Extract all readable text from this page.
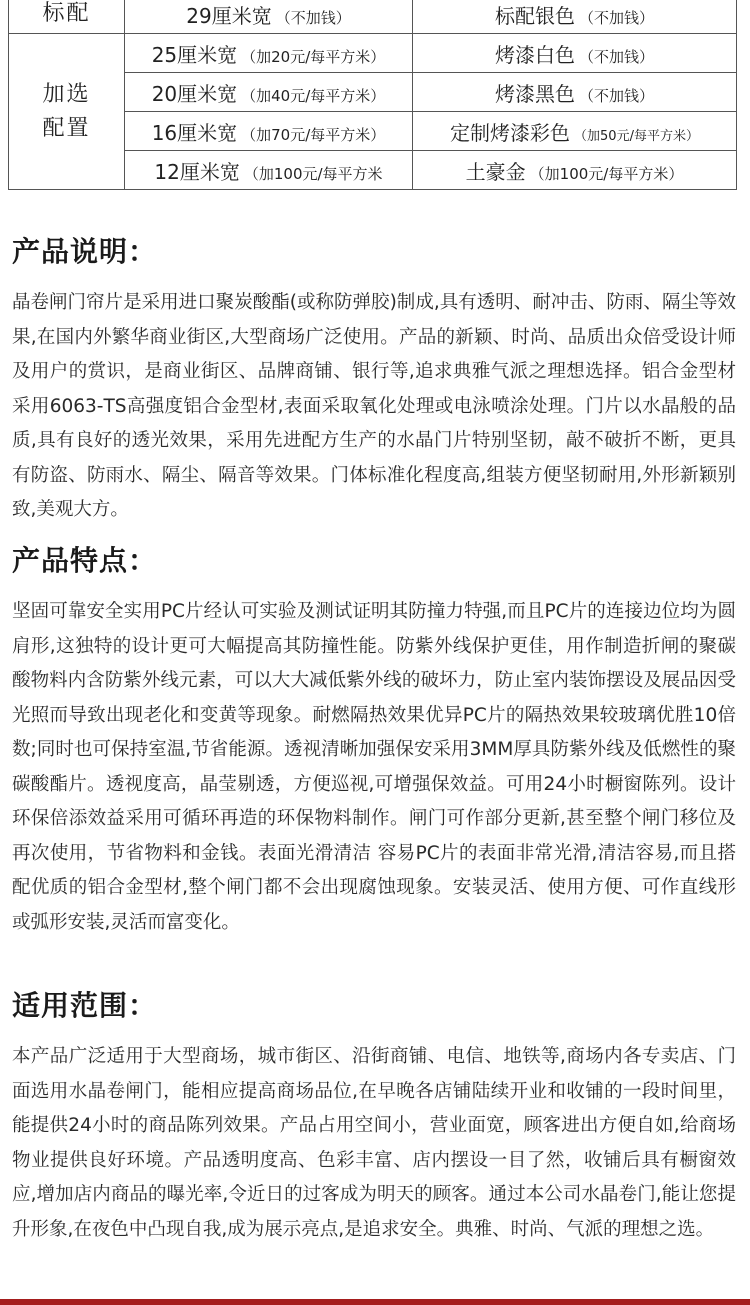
标配	29厘米宽 （不加钱）	标配银色 （不加钱）
加选
配置	25厘米宽 （加20元/每平方米）	烤漆白色 （不加钱）
	20厘米宽 （加40元/每平方米）	烤漆黑色 （不加钱）
	16厘米宽 （加70元/每平方米）	定制烤漆彩色 （加50元/每平方米）
	12厘米宽 （加100元/每平方米	土豪金 （加100元/每平方米）
产品说明：

晶卷闸门帘片是采用进口聚炭酸酯(或称防弹胶)制成,具有透明、耐冲击、防雨、隔尘等效果,在国内外繁华商业街区,大型商场广泛使用。产品的新颖、时尚、品质出众倍受设计师及用户的赏识，是商业街区、品牌商铺、银行等,追求典雅气派之理想选择。铝合金型材采用6063-TS高强度铝合金型材,表面采取氧化处理或电泳喷涂处理。门片以水晶般的品质,具有良好的透光效果，采用先进配方生产的水晶门片特别坚韧，敲不破折不断，更具有防盗、防雨水、隔尘、隔音等效果。门体标准化程度高,组装方便坚韧耐用,外形新颖别致,美观大方。

产品特点：

坚固可靠安全实用PC片经认可实验及测试证明其防撞力特强,而且PC片的连接边位均为圆肩形,这独特的设计更可大幅提高其防撞性能。防紫外线保护更佳，用作制造折闸的聚碳酸物料内含防紫外线元素，可以大大减低紫外线的破坏力，防止室内装饰摆设及展品因受光照而导致出现老化和变黄等现象。耐燃隔热效果优异PC片的隔热效果较玻璃优胜10倍数;同时也可保持室温,节省能源。透视清晰加强保安采用3MM厚具防紫外线及低燃性的聚碳酸酯片。透视度高，晶莹剔透，方便巡视,可增强保效益。可用24小时橱窗陈列。设计环保倍添效益采用可循环再造的环保物料制作。闸门可作部分更新,甚至整个闸门移位及再次使用，节省物料和金钱。表面光滑清洁 容易PC片的表面非常光滑,清洁容易,而且搭配优质的铝合金型材,整个闸门都不会出现腐蚀现象。安装灵活、使用方便、可作直线形或弧形安装,灵活而富变化。

适用范围：

本产品广泛适用于大型商场，城市街区、沿街商铺、电信、地铁等,商场内各专卖店、门面选用水晶卷闸门，能相应提高商场品位,在早晚各店铺陆续开业和收铺的一段时间里，能提供24小时的商品陈列效果。产品占用空间小，营业面宽，顾客进出方便自如,给商场物业提供良好环境。产品透明度高、色彩丰富、店内摆设一目了然，收铺后具有橱窗效应,增加店内商品的曝光率,令近日的过客成为明天的顾客。通过本公司水晶卷门,能让您提升形象,在夜色中凸现自我,成为展示亮点,是追求安全。典雅、时尚、气派的理想之选。
